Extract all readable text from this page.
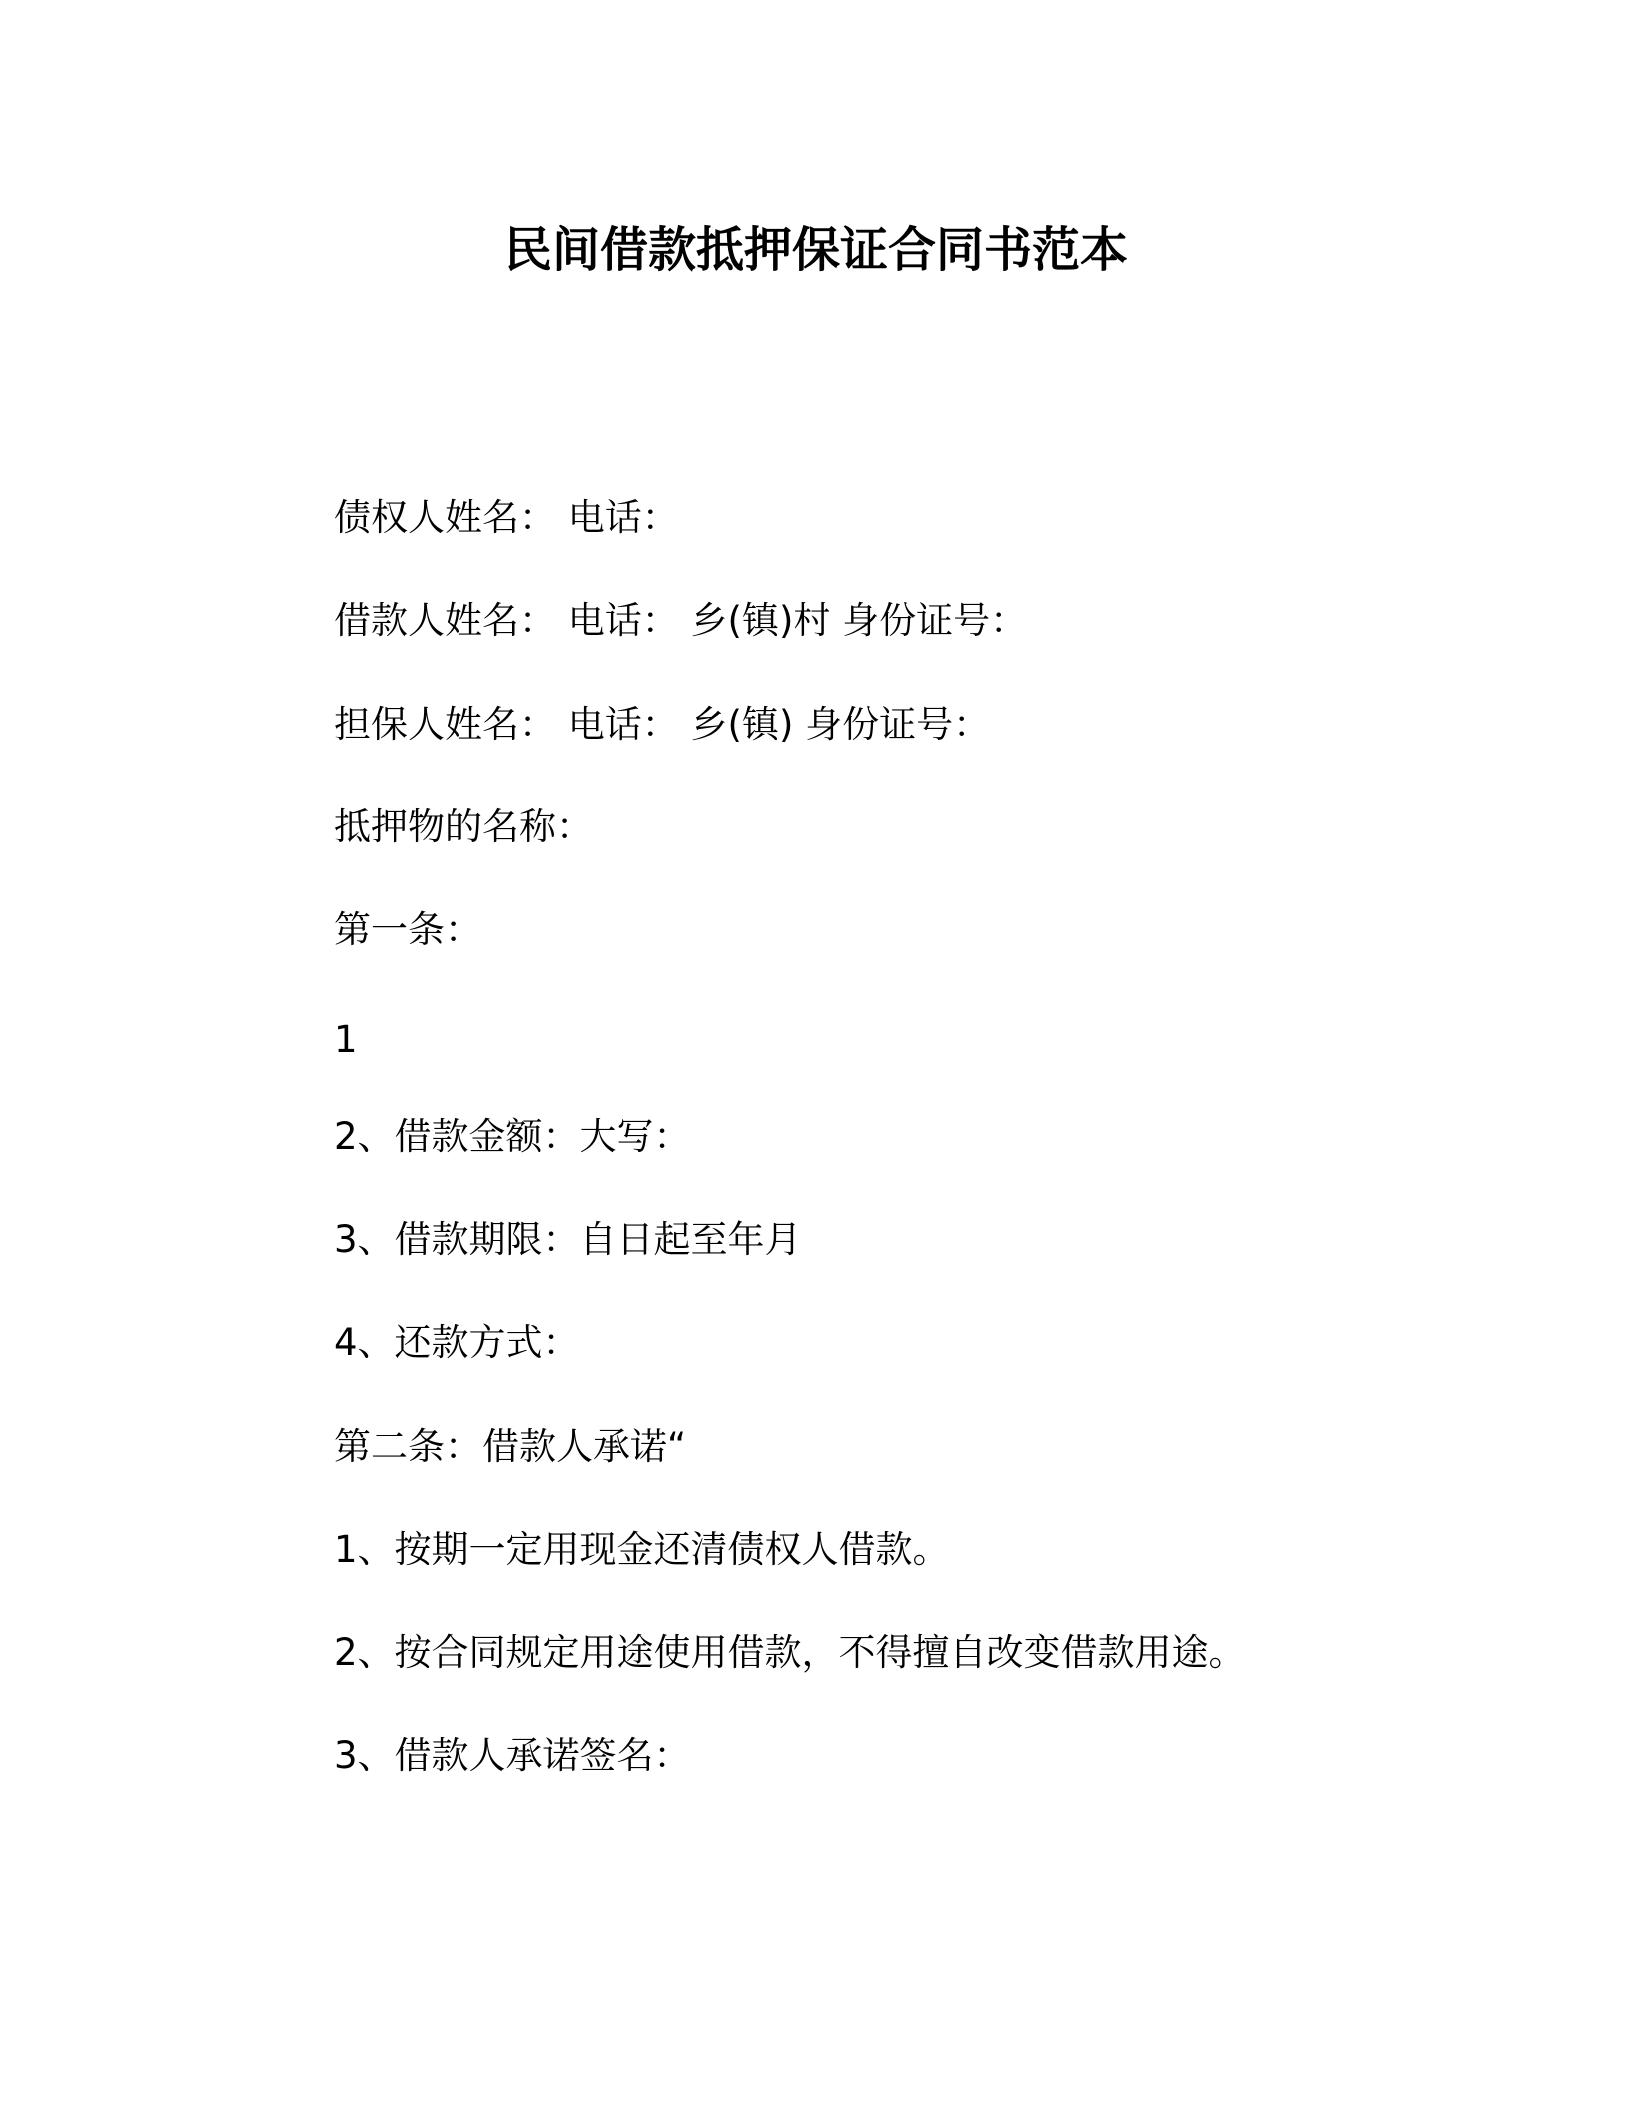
民间借款抵押保证合同书范本
债权人姓名： 电话：
借款人姓名： 电话： 乡(镇)村 身份证号：
担保人姓名： 电话： 乡(镇) 身份证号：
抵押物的名称：
第一条：
1
2、借款金额：大写：
3、借款期限：自日起至年月
4、还款方式：
第二条：借款人承诺“
1、按期一定用现金还清债权人借款。
2、按合同规定用途使用借款，不得擅自改变借款用途。
3、借款人承诺签名：
